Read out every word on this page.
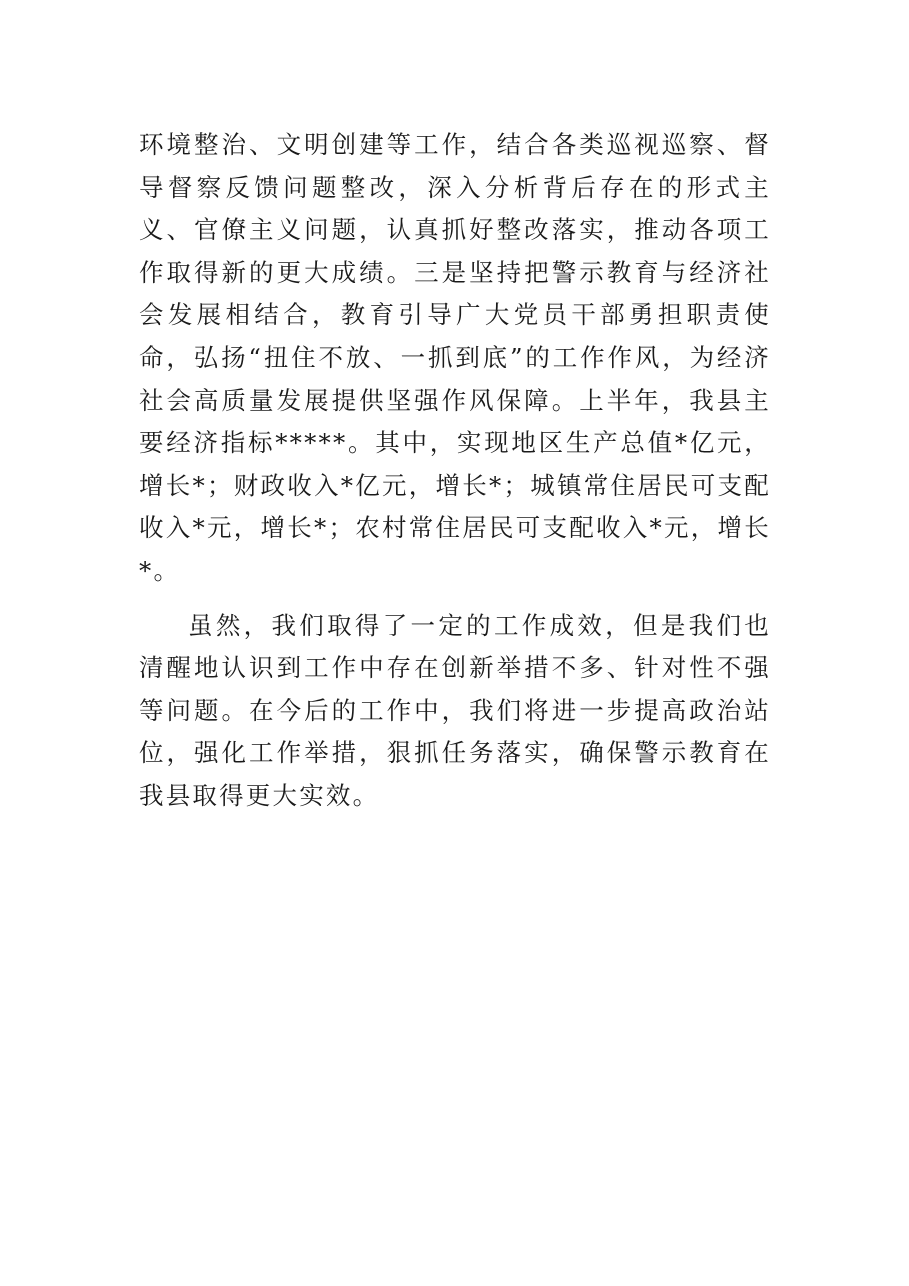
环境整治、文明创建等工作，结合各类巡视巡察、督导督察反馈问题整改，深入分析背后存在的形式主义、官僚主义问题，认真抓好整改落实，推动各项工作取得新的更大成绩。三是坚持把警示教育与经济社会发展相结合，教育引导广大党员干部勇担职责使命，弘扬“扭住不放、一抓到底”的工作作风，为经济社会高质量发展提供坚强作风保障。上半年，我县主要经济指标*****。其中，实现地区生产总值*亿元，增长*；财政收入*亿元，增长*；城镇常住居民可支配收入*元，增长*；农村常住居民可支配收入*元，增长*。

虽然，我们取得了一定的工作成效，但是我们也清醒地认识到工作中存在创新举措不多、针对性不强等问题。在今后的工作中，我们将进一步提高政治站位，强化工作举措，狠抓任务落实，确保警示教育在我县取得更大实效。
